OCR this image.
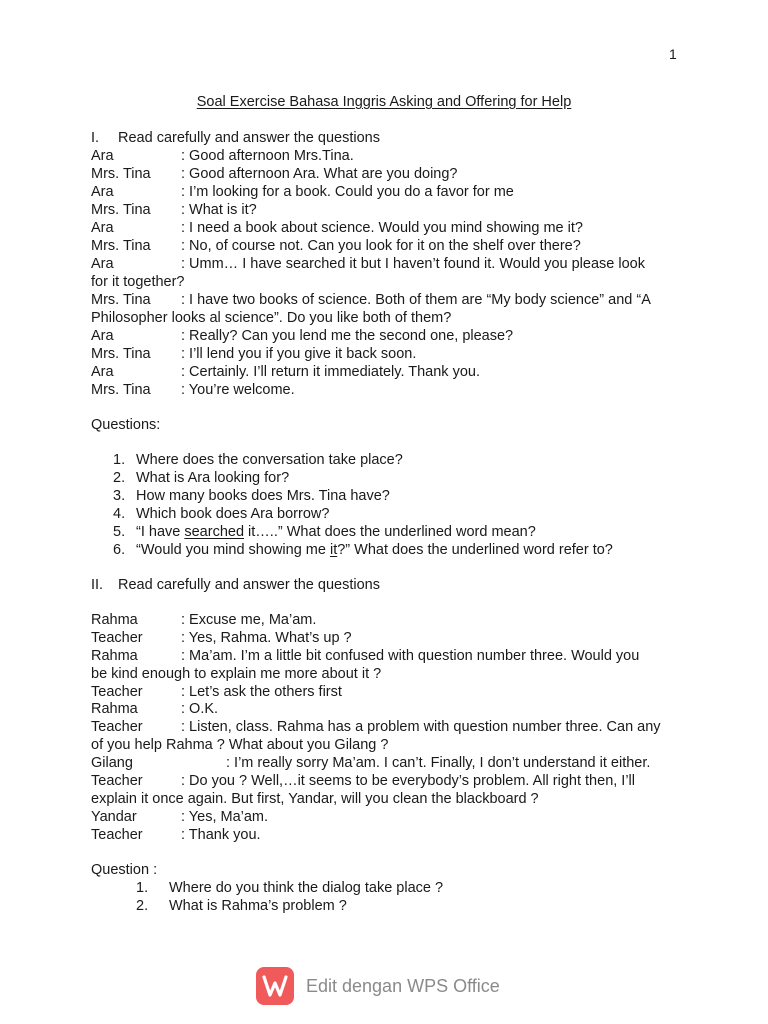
1
Soal Exercise Bahasa Inggris Asking and Offering for Help
I. Read carefully and answer the questions
Ara	: Good afternoon Mrs.Tina.
Mrs. Tina : Good afternoon Ara. What are you doing?
Ara	: I’m looking for a book. Could you do a favor for me
Mrs. Tina : What is it?
Ara	: I need a book about science. Would you mind showing me it?
Mrs. Tina : No, of course not. Can you look for it on the shelf over there?
Ara	: Umm… I have searched it but I haven’t found it. Would you please look
for it together?
Mrs. Tina : I have two books of science. Both of them are “My body science” and “A
Philosopher looks al science”. Do you like both of them?
Ara	: Really? Can you lend me the second one, please?
Mrs. Tina : I’ll lend you if you give it back soon.
Ara	: Certainly. I’ll return it immediately. Thank you.
Mrs. Tina : You’re welcome.
Questions:
1. Where does the conversation take place?
2. What is Ara looking for?
3. How many books does Mrs. Tina have?
4. Which book does Ara borrow?
5. “I have searched it…..” What does the underlined word mean?
6. “Would you mind showing me it?” What does the underlined word refer to?
II. Read carefully and answer the questions
Rahma	: Excuse me, Ma’am.
Teacher	: Yes, Rahma. What’s up ?
Rahma	: Ma’am. I’m a little bit confused with question number three. Would you
be kind enough to explain me more about it ?
Teacher	: Let’s ask the others first
Rahma	: O.K.
Teacher	: Listen, class. Rahma has a problem with question number three. Can any
of you help Rahma ? What about you Gilang ?
Gilang	: I’m really sorry Ma’am. I can’t. Finally, I don’t understand it either.
Teacher	: Do you ? Well,…it seems to be everybody’s problem. All right then, I’ll
explain it once again. But first, Yandar, will you clean the blackboard ?
Yandar	: Yes, Ma’am.
Teacher	: Thank you.
Question :
1. Where do you think the dialog take place ?
2. What is Rahma’s problem ?
Edit dengan WPS Office
